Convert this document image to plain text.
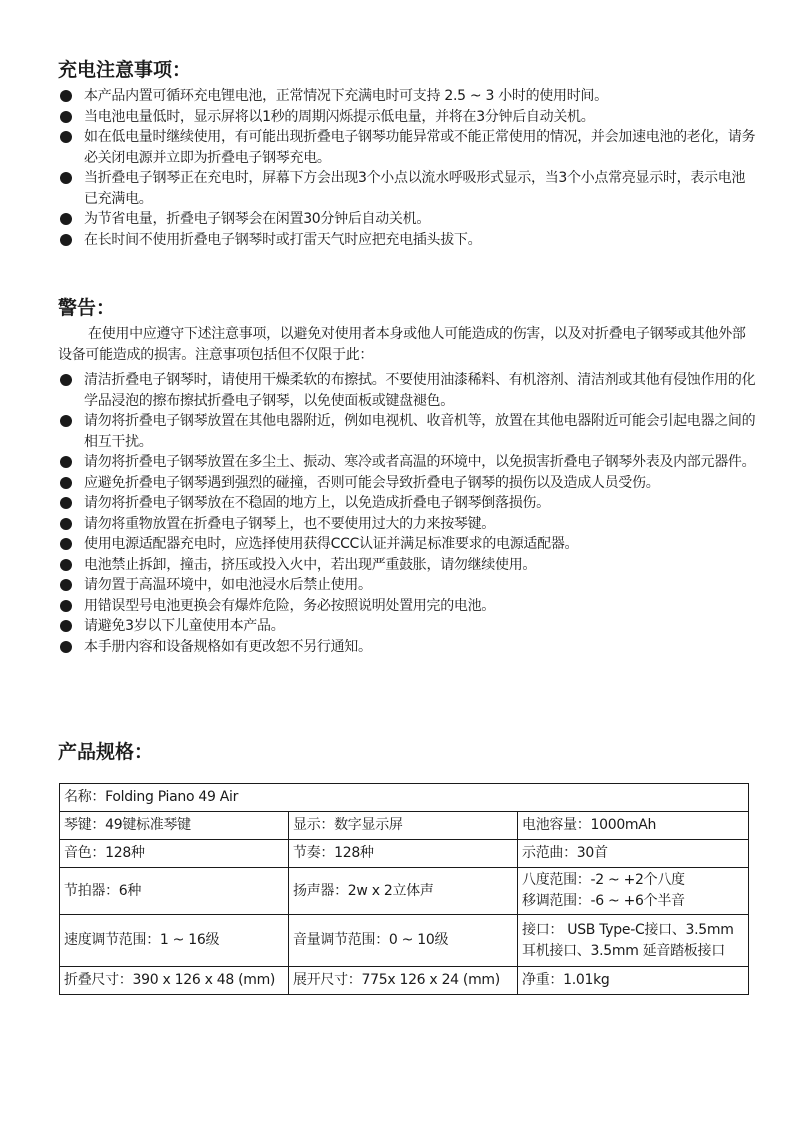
充电注意事项：
本产品内置可循环充电锂电池，正常情况下充满电时可支持 2.5 ~ 3 小时的使用时间。
当电池电量低时，显示屏将以1秒的周期闪烁提示低电量，并将在3分钟后自动关机。
如在低电量时继续使用，有可能出现折叠电子钢琴功能异常或不能正常使用的情况，并会加速电池的老化，请务必关闭电源并立即为折叠电子钢琴充电。
当折叠电子钢琴正在充电时，屏幕下方会出现3个小点以流水呼吸形式显示，当3个小点常亮显示时，表示电池已充满电。
为节省电量，折叠电子钢琴会在闲置30分钟后自动关机。
在长时间不使用折叠电子钢琴时或打雷天气时应把充电插头拔下。
警告：
在使用中应遵守下述注意事项，以避免对使用者本身或他人可能造成的伤害，以及对折叠电子钢琴或其他外部设备可能造成的损害。注意事项包括但不仅限于此：
清洁折叠电子钢琴时，请使用干燥柔软的布擦拭。不要使用油漆稀料、有机溶剂、清洁剂或其他有侵蚀作用的化学品浸泡的擦布擦拭折叠电子钢琴，以免使面板或键盘褪色。
请勿将折叠电子钢琴放置在其他电器附近，例如电视机、收音机等，放置在其他电器附近可能会引起电器之间的相互干扰。
请勿将折叠电子钢琴放置在多尘土、振动、寒冷或者高温的环境中，以免损害折叠电子钢琴外表及内部元器件。
应避免折叠电子钢琴遇到强烈的碰撞，否则可能会导致折叠电子钢琴的损伤以及造成人员受伤。
请勿将折叠电子钢琴放在不稳固的地方上，以免造成折叠电子钢琴倒落损伤。
请勿将重物放置在折叠电子钢琴上，也不要使用过大的力来按琴键。
使用电源适配器充电时，应选择使用获得CCC认证并满足标准要求的电源适配器。
电池禁止拆卸，撞击，挤压或投入火中，若出现严重鼓胀，请勿继续使用。
请勿置于高温环境中，如电池浸水后禁止使用。
用错误型号电池更换会有爆炸危险，务必按照说明处置用完的电池。
请避免3岁以下儿童使用本产品。
本手册内容和设备规格如有更改恕不另行通知。
产品规格：
名称：Folding Piano 49 Air		
琴键：49键标准琴键	显示：数字显示屏	电池容量：1000mAh
音色：128种	节奏：128种	示范曲：30首
节拍器：6种	扬声器：2w x 2立体声	八度范围：-2 ~ +2个八度
移调范围：-6 ~ +6个半音

速度调节范围：1 ~ 16级	音量调节范围：0 ~ 10级	接口： USB Type-C接口、3.5mm
耳机接口、3.5mm 延音踏板接口

折叠尺寸：390 x 126 x 48 (mm)	展开尺寸：775x 126 x 24 (mm)	净重：1.01kg
